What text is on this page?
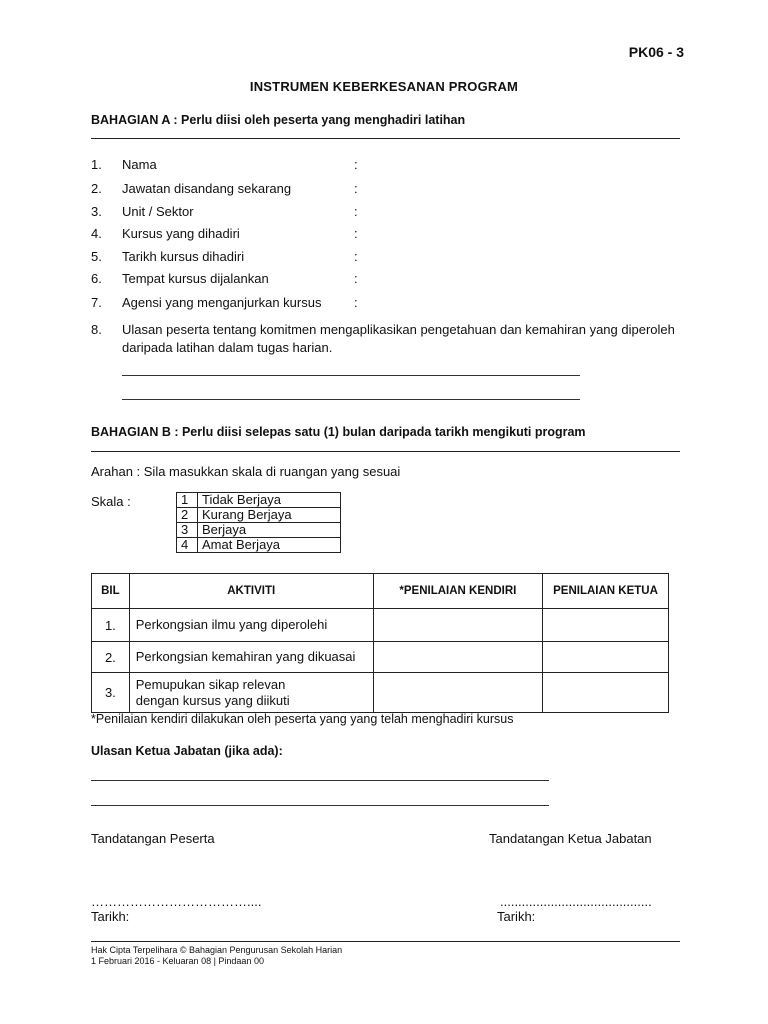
PK06 - 3
INSTRUMEN KEBERKESANAN PROGRAM
BAHAGIAN A : Perlu diisi oleh peserta yang menghadiri latihan
1.	Nama	:
2.	Jawatan disandang sekarang	:
3.	Unit / Sektor	:
4.	Kursus yang dihadiri	:
5.	Tarikh kursus dihadiri	:
6.	Tempat kursus dijalankan	:
7.	Agensi yang menganjurkan kursus	:
8. Ulasan peserta tentang komitmen mengaplikasikan pengetahuan dan kemahiran yang diperoleh daripada latihan dalam tugas harian.
BAHAGIAN B : Perlu diisi selepas satu (1) bulan daripada tarikh mengikuti program
Arahan : Sila masukkan skala di ruangan yang sesuai
Skala :	1	Tidak Berjaya
2	Kurang Berjaya
3	Berjaya
4	Amat Berjaya
BIL	AKTIVITI	*PENILAIAN KENDIRI	PENILAIAN KETUA
1.	Perkongsian ilmu yang diperolehi		
2.	Perkongsian kemahiran yang dikuasai		
3.	Pemupukan sikap relevan dengan kursus yang diikuti		
*Penilaian kendiri dilakukan oleh peserta yang yang telah menghadiri kursus
Ulasan Ketua Jabatan (jika ada):
Tandatangan Peserta	Tandatangan Ketua Jabatan
………………………………....	..........................................
Tarikh:	Tarikh:
Hak Cipta Terpelihara © Bahagian Pengurusan Sekolah Harian
1 Februari 2016 - Keluaran 08 | Pindaan 00
